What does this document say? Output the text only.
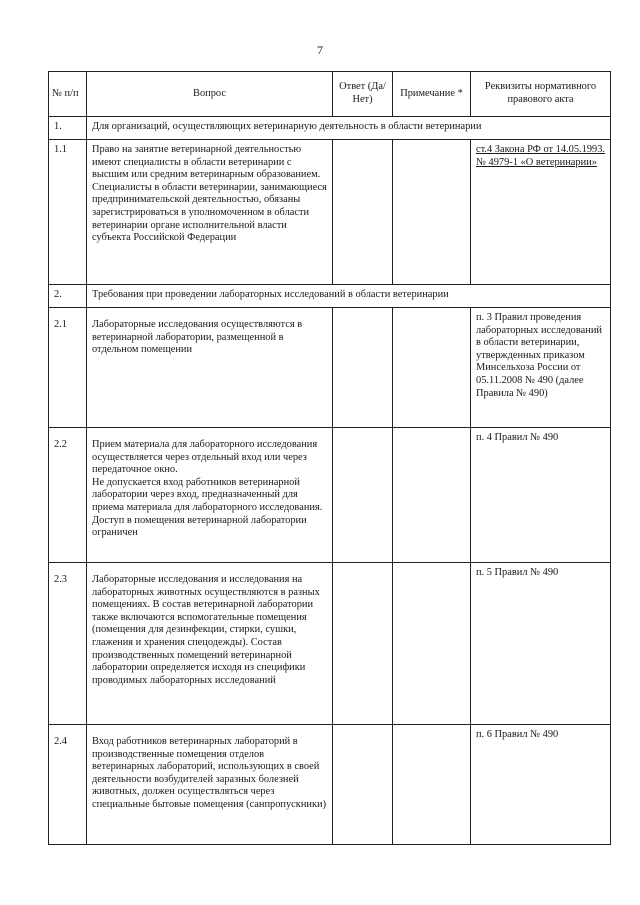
7
№ п/п	Вопрос	Ответ (Да/Нет)	Примечание *	Реквизиты нормативного правового акта
1.	Для организаций, осуществляющих ветеринарную деятельность в области ветеринарии			
1.1	Право на занятие ветеринарной деятельностью имеют специалисты в области ветеринарии с высшим или средним ветеринарным образованием.
Специалисты в области ветеринарии, занимающиеся предпринимательской деятельностью, обязаны зарегистрироваться в уполномоченном в области ветеринарии органе исполнительной власти субъекта Российской Федерации			ст.4 Закона РФ от 14.05.1993. № 4979-1 «О ветеринарии»
2.	Требования при проведении лабораторных исследований в области ветеринарии			
2.1	Лабораторные исследования осуществляются в ветеринарной лаборатории, размещенной в отдельном помещении			п. 3 Правил проведения лабораторных исследований в области ветеринарии, утвержденных приказом Минсельхоза России от 05.11.2008 № 490 (далее Правила № 490)
2.2	Прием материала для лабораторного исследования осуществляется через отдельный вход или через передаточное окно.
Не допускается вход работников ветеринарной лаборатории через вход, предназначенный для приема материала для лабораторного исследования.
Доступ в помещения ветеринарной лаборатории ограничен			п. 4 Правил № 490
2.3	Лабораторные исследования и исследования на лабораторных животных осуществляются в разных помещениях. В состав ветеринарной лаборатории также включаются вспомогательные помещения (помещения для дезинфекции, стирки, сушки, глажения и хранения спецодежды). Состав производственных помещений ветеринарной лаборатории определяется исходя из специфики проводимых лабораторных исследований			п. 5 Правил № 490
2.4	Вход работников ветеринарных лабораторий в производственные помещения отделов ветеринарных лабораторий, использующих в своей деятельности возбудителей заразных болезней животных, должен осуществляться через специальные бытовые помещения (санпропускники)			п. 6 Правил № 490
